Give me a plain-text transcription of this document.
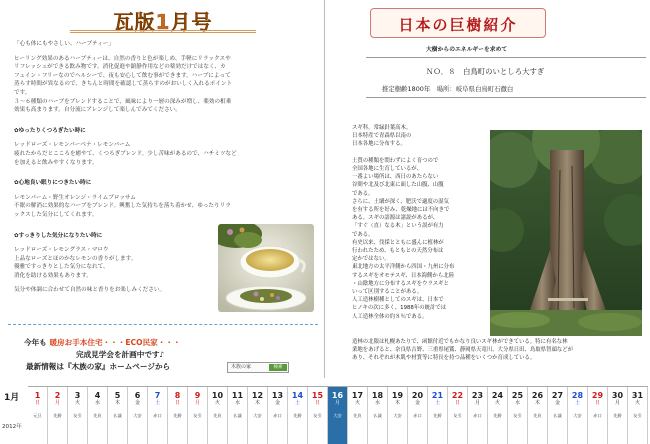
瓦版1月号

「心も体にもやさしい、ハーブティー」

ヒーリング効果のあるハーブティーは、自然の香りと色が楽しめ、手軽にリラックスや

リフレッシュができる飲み物です。消化促進や鎮静作用などの薬効だけではなく、カ

フェイン・フリーなのでヘルシーで、夜も安心して飲む事ができます。ハーブによって

蒸らす時間が異なるので、きちんと時間を確認して蒸らすのがおいしく入れるポイント

です。

３～６種類のハーブをブレンドすることで、風味により一層の深みが増し、薬効の相乗

効果も高まります。自分流にアレンジして楽しんでみてください。

✿ゆったりくつろぎたい時に

レッドローズ・レモンバーベナ・レモンバーム

疲れたからだとこころを癒やて、くつろぎブレンド。少し苦味があるので、ハチミツなど

を加えると飲みやすくなります。

✿心地良い眠りにつきたい時に

レモンバーム・野生オレンジ・ライムブロッサム

不眠の解消に効果的なハーブをブレンド。興奮した気持ちを落ち着かせ、ゆったりリラ

ックスした気分にしてくれます。

✿すっきりした気分になりたい時に

レッドローズ・レモングラス・マロウ

上品なローズとほのかなレモンの香りがします。

優雅ですっきりとした気分になれて、

消化を助ける効果もあります。

気分や体調に合わせて自然の味と香りをお楽しみください。

今年も 暖房お手本住宅・・・ECO民家・・・
完成見学会を計画中です♪
最新情報は『木族の家』ホームページから	木族の家	検索
日本の巨樹紹介
大樹からのエネルギーを求めて
ＮＯ．８　白鳥町のいとしろ大すぎ
推定樹齢1800年　場所：岐阜県白鳥町石徹白

スギ科。常緑針葉高木。

日本特産で青森県以南の

日本各地に分布する。

土質の種類を問わずによく育つので

全国各地に生育しているが、

一番よい場所は、西日のあたらない

谷間や北及び北東に面した山腹、山腹

である。

さらに、土壌が深く、肥沃で適度の湿気

を有する所を好み、乾燥地には不向きで

ある。スギの語源は諸説があるが、

「すぐ（直）なる木」という説が有力

である。

有史以来、伐採とともに盛んに植林が

行われたため、もともとの天然分布は

定かではない。

東北地方の太平洋側から四国・九州に分布

するスギをオモテスギ、日本海側から北陸

・山陰地方に分布するスギをウラスギと

いって区別することがある。

人工造林樹種としてのスギは、日本で

ヒノキの次に多く、1988年の統計では

人工造林全体の約８％である。

造林の北限は札幌あたりで、函館付近でもかなり良いスギ林ができている。特に有名な林

業地をあげると、奈良県吉野、三重県尾鷲、静岡県天竜川、大分県日田、鳥取県智頭などが

あり、それぞれが木肌や材質等に特長を持つ品種をいくつか育成している。

1月
2012年
1
日
元旦
2
月
先勝
3
火
友引
4
水
先負
5
木
仏滅
6
金
大安
7
土
赤口
8
日
先勝
9
月
友引
10
火
先負
11
水
仏滅
12
木
大安
13
金
赤口
14
土
先勝
15
日
友引
16
月
大安
17
火
先負
18
水
仏滅
19
木
大安
20
金
赤口
21
土
先勝
22
日
友引
23
月
赤口
24
火
先勝
25
水
友引
26
木
先負
27
金
仏滅
28
土
大安
29
日
赤口
30
月
先勝
31
火
友引
